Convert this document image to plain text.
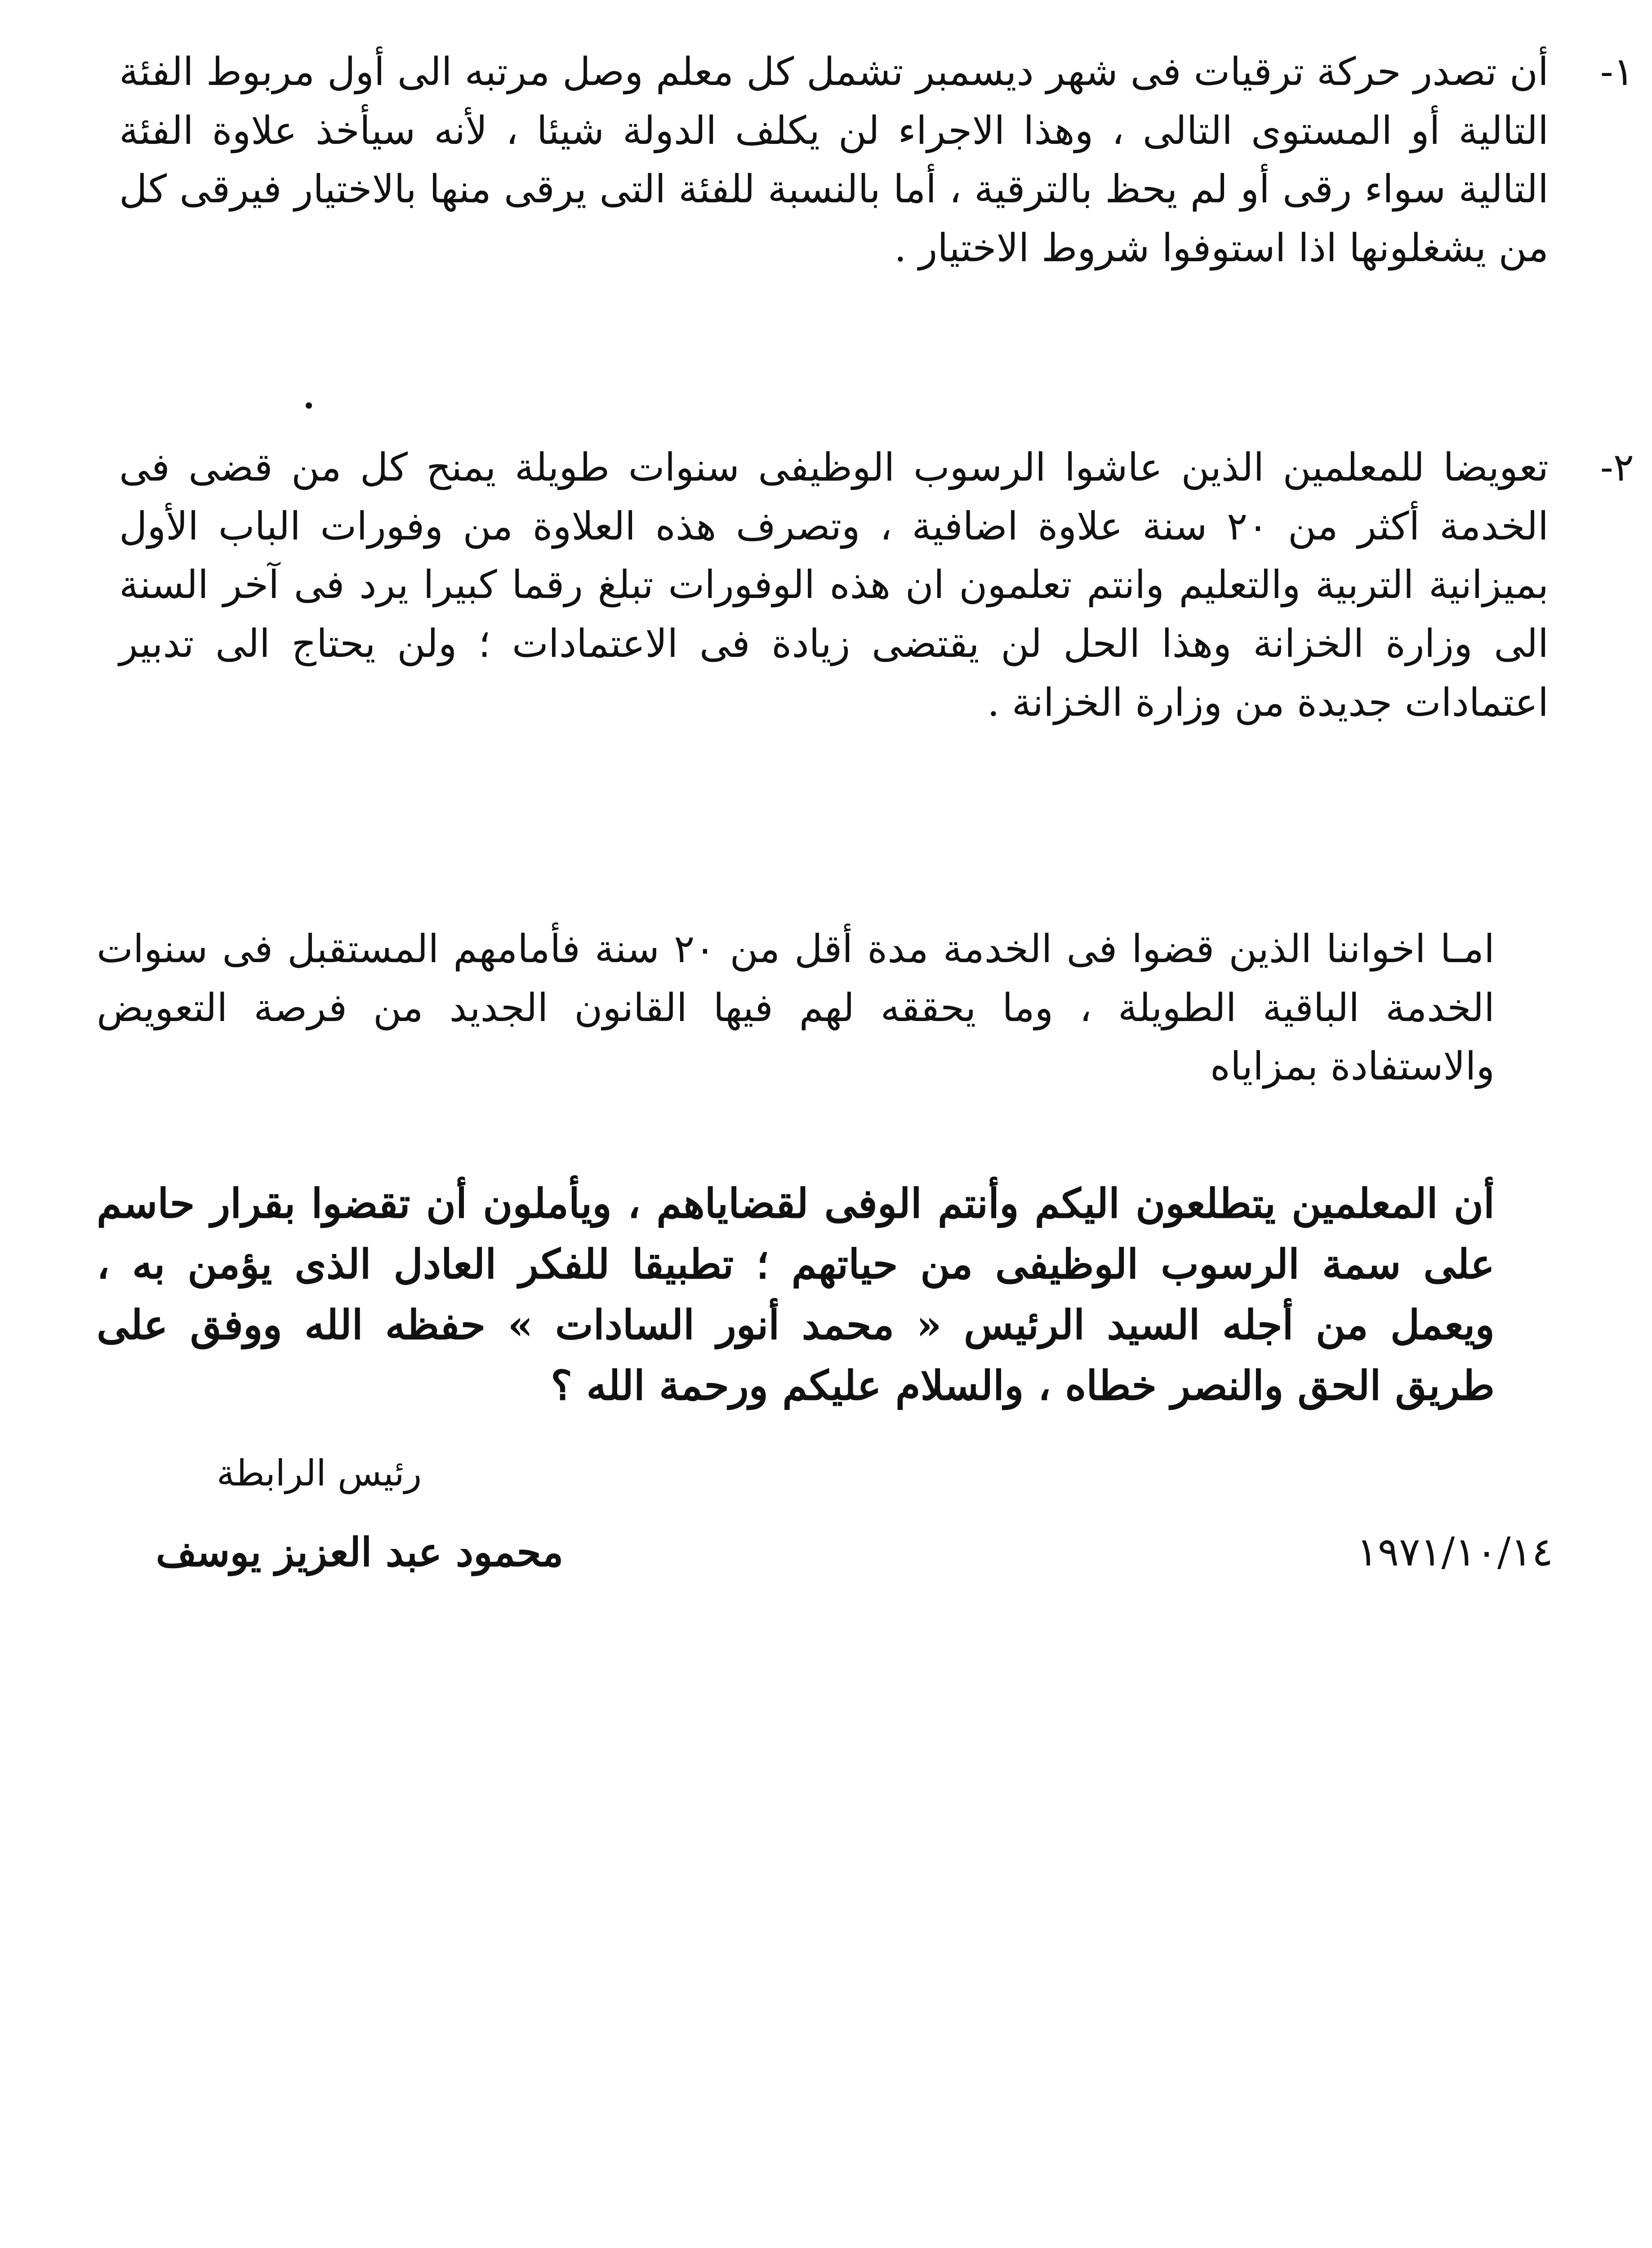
١-
أن تصدر حركة ترقيات فى شهر ديسمبر تشمل كل معلم وصل مرتبه الى أول مربوط الفئة التالية أو المستوى التالى ، وهذا الاجراء لن يكلف الدولة شيئا ، لأنه سيأخذ علاوة الفئة التالية سواء رقى أو لم يحظ بالترقية ، أما بالنسبة للفئة التى يرقى منها بالاختيار فيرقى كل من يشغلونها اذا استوفوا شروط الاختيار .
٢-
تعويضا للمعلمين الذين عاشوا الرسوب الوظيفى سنوات طويلة يمنح كل من قضى فى الخدمة أكثر من ٢٠ سنة علاوة اضافية ، وتصرف هذه العلاوة من وفورات الباب الأول بميزانية التربية والتعليم وانتم تعلمون ان هذه الوفورات تبلغ رقما كبيرا يرد فى آخر السنة الى وزارة الخزانة وهذا الحل لن يقتضى زيادة فى الاعتمادات ؛ ولن يحتاج الى تدبير اعتمادات جديدة من وزارة الخزانة .

امـا اخواننا الذين قضوا فى الخدمة مدة أقل من ٢٠ سنة فأمامهم المستقبل فى سنوات الخدمة الباقية الطويلة ، وما يحققه لهم فيها القانون الجديد من فرصة التعويض والاستفادة بمزاياه

أن المعلمين يتطلعون اليكم وأنتم الوفى لقضاياهم ، ويأملون أن تقضوا بقرار حاسم على سمة الرسوب الوظيفى من حياتهم ؛ تطبيقا للفكر العادل الذى يؤمن به ، ويعمل من أجله السيد الرئيس « محمد أنور السادات » حفظه الله ووفق على طريق الحق والنصر خطاه ، والسلام عليكم ورحمة الله ؟

رئيس الرابطة
محمود عبد العزيز يوسف	١٩٧١/١٠/١٤
